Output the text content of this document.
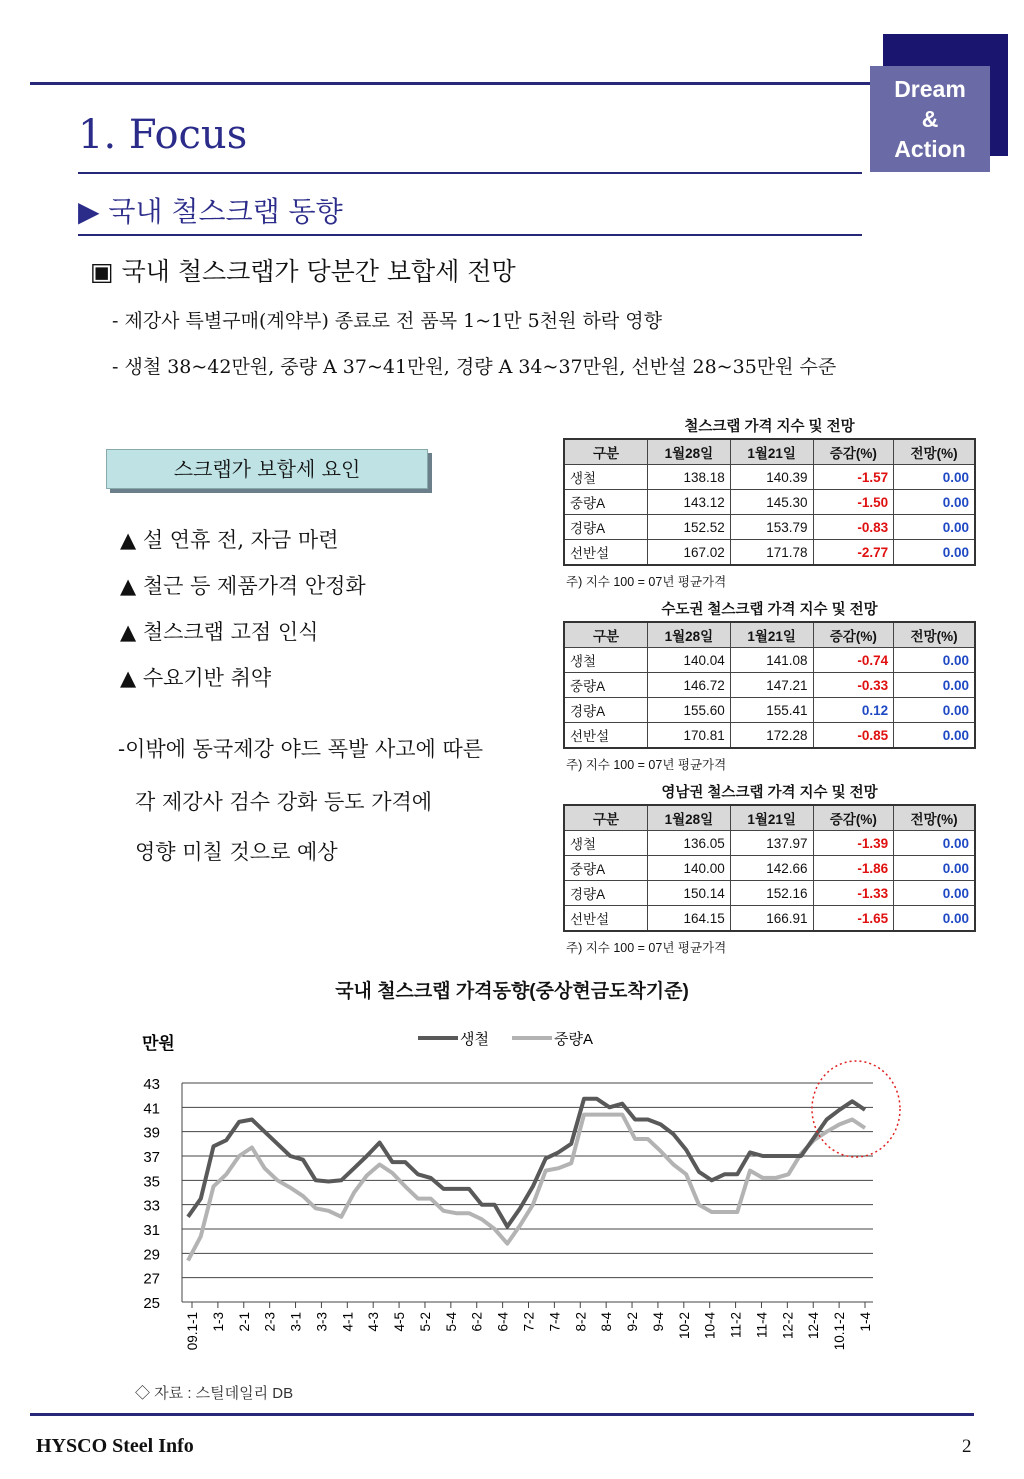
Dream
&
Action
1. Focus
▶ 국내 철스크랩 동향
▣ 국내 철스크랩가 당분간 보합세 전망
- 제강사 특별구매(계약부) 종료로 전 품목 1~1만 5천원 하락 영향
- 생철 38~42만원, 중량 A 37~41만원, 경량 A 34~37만원, 선반설 28~35만원 수준
스크랩가 보합세 요인
▲ 설 연휴 전, 자금 마련
▲ 철근 등 제품가격 안정화
▲ 철스크랩 고점 인식
▲ 수요기반 취약
-이밖에 동국제강 야드 폭발 사고에 따른
각 제강사 검수 강화 등도 가격에
영향 미칠 것으로 예상
철스크랩 가격 지수 및 전망
구분	1월28일	1월21일	증감(%)	전망(%)
생철	138.18	140.39	-1.57	0.00
중량A	143.12	145.30	-1.50	0.00
경량A	152.52	153.79	-0.83	0.00
선반설	167.02	171.78	-2.77	0.00
주) 지수 100 = 07년 평균가격
수도권 철스크랩 가격 지수 및 전망
구분	1월28일	1월21일	증감(%)	전망(%)
생철	140.04	141.08	-0.74	0.00
중량A	146.72	147.21	-0.33	0.00
경량A	155.60	155.41	0.12	0.00
선반설	170.81	172.28	-0.85	0.00
주) 지수 100 = 07년 평균가격
영남권 철스크랩 가격 지수 및 전망
구분	1월28일	1월21일	증감(%)	전망(%)
생철	136.05	137.97	-1.39	0.00
중량A	140.00	142.66	-1.86	0.00
경량A	150.14	152.16	-1.33	0.00
선반설	164.15	166.91	-1.65	0.00
주) 지수 100 = 07년 평균가격
국내 철스크랩 가격동향(중상현금도착기준)
43
41
39
37
35
33
31
29
27
25
09.1-1 1-3 2-1 2-3 3-1 3-3 4-1 4-3 4-5 5-2 5-4 6-2 6-4 7-2 7-4 8-2 8-4 9-2 9-4 10-2 10-4 11-2 11-4 12-2 12-4 10.1-2 1-4
생철	중량A
만원
◇ 자료 : 스틸데일리 DB
HYSCO Steel Info	2
